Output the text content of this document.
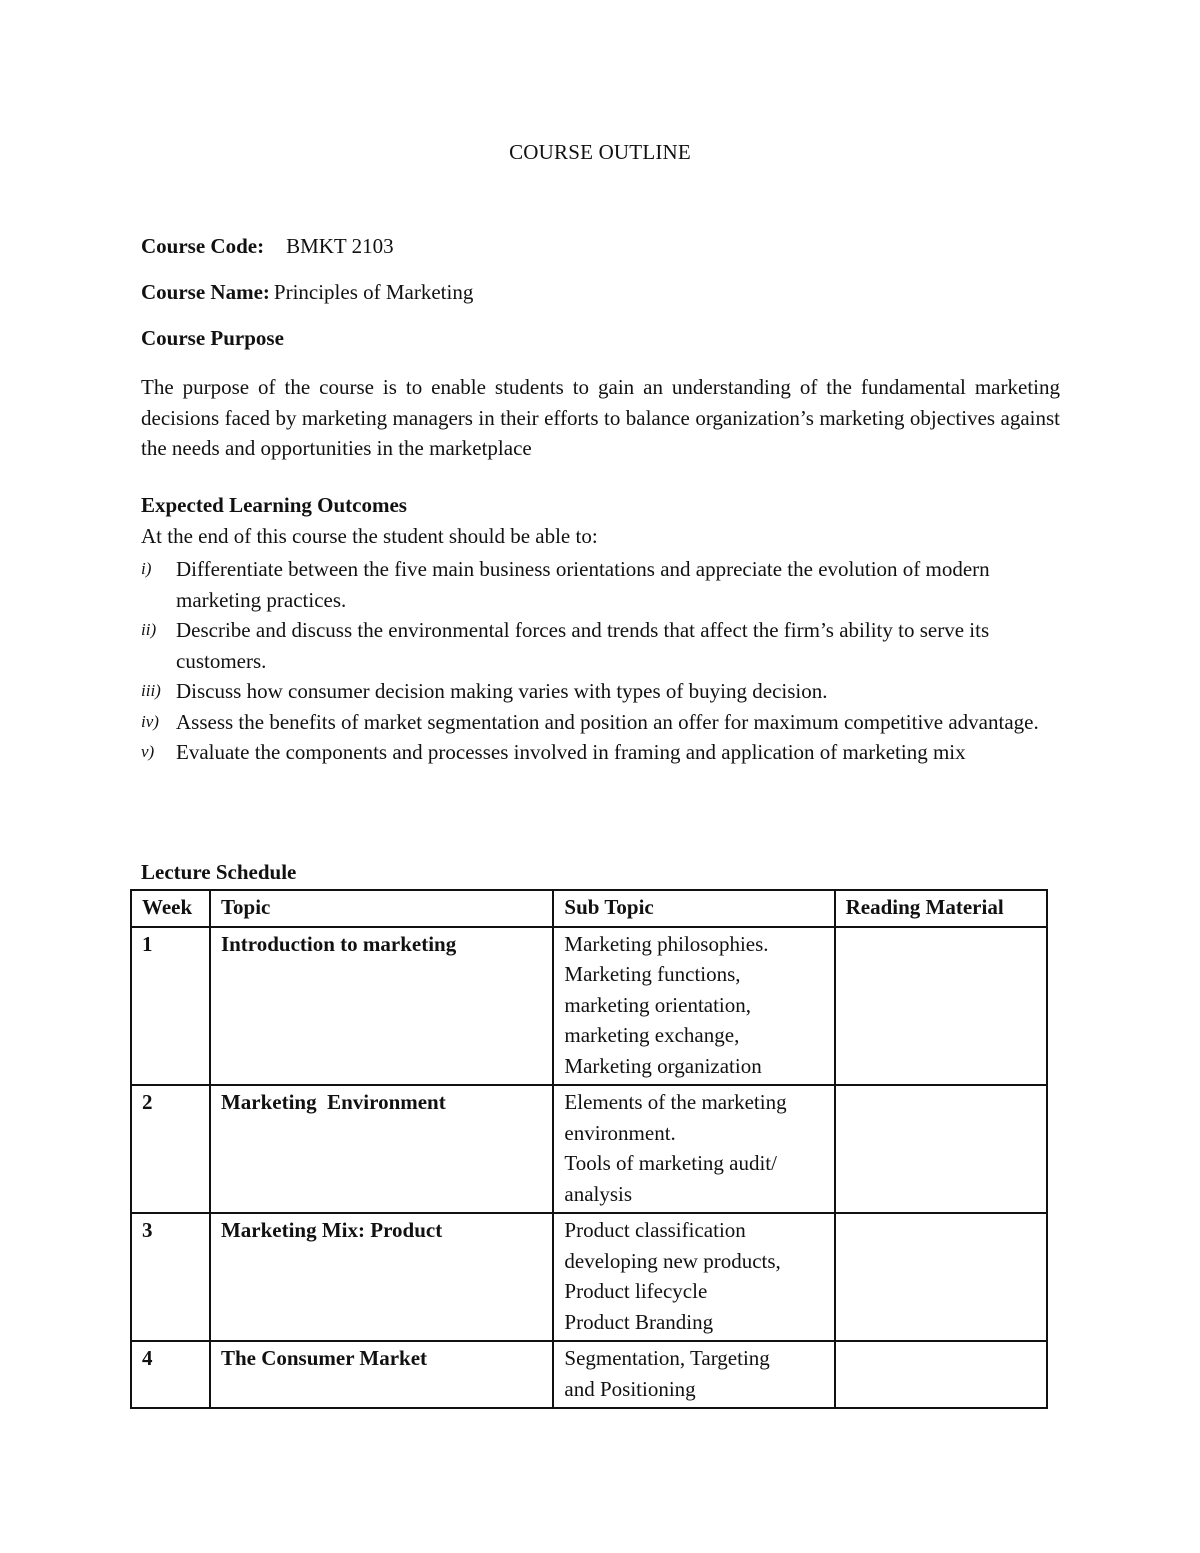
COURSE OUTLINE
Course Code: BMKT 2103
Course Name: Principles of Marketing
Course Purpose
The purpose of the course is to enable students to gain an understanding of the fundamental marketing decisions faced by marketing managers in their efforts to balance organization’s marketing objectives against the needs and opportunities in the marketplace
Expected Learning Outcomes
At the end of this course the student should be able to:
i) Differentiate between the five main business orientations and appreciate the evolution of modern marketing practices.
ii) Describe and discuss the environmental forces and trends that affect the firm’s ability to serve its customers.
iii) Discuss how consumer decision making varies with types of buying decision.
iv) Assess the benefits of market segmentation and position an offer for maximum competitive advantage.
v) Evaluate the components and processes involved in framing and application of marketing mix
Lecture Schedule
Week	Topic	Sub Topic	Reading Material
1	Introduction to marketing	Marketing philosophies.
Marketing functions,
marketing orientation,
marketing exchange,
Marketing organization	

2	Marketing  Environment	Elements of the marketing
environment.
Tools of marketing audit/
analysis	

3	Marketing Mix: Product	Product classification
developing new products,
Product lifecycle
Product Branding	

4	The Consumer Market	Segmentation, Targeting
and Positioning	
